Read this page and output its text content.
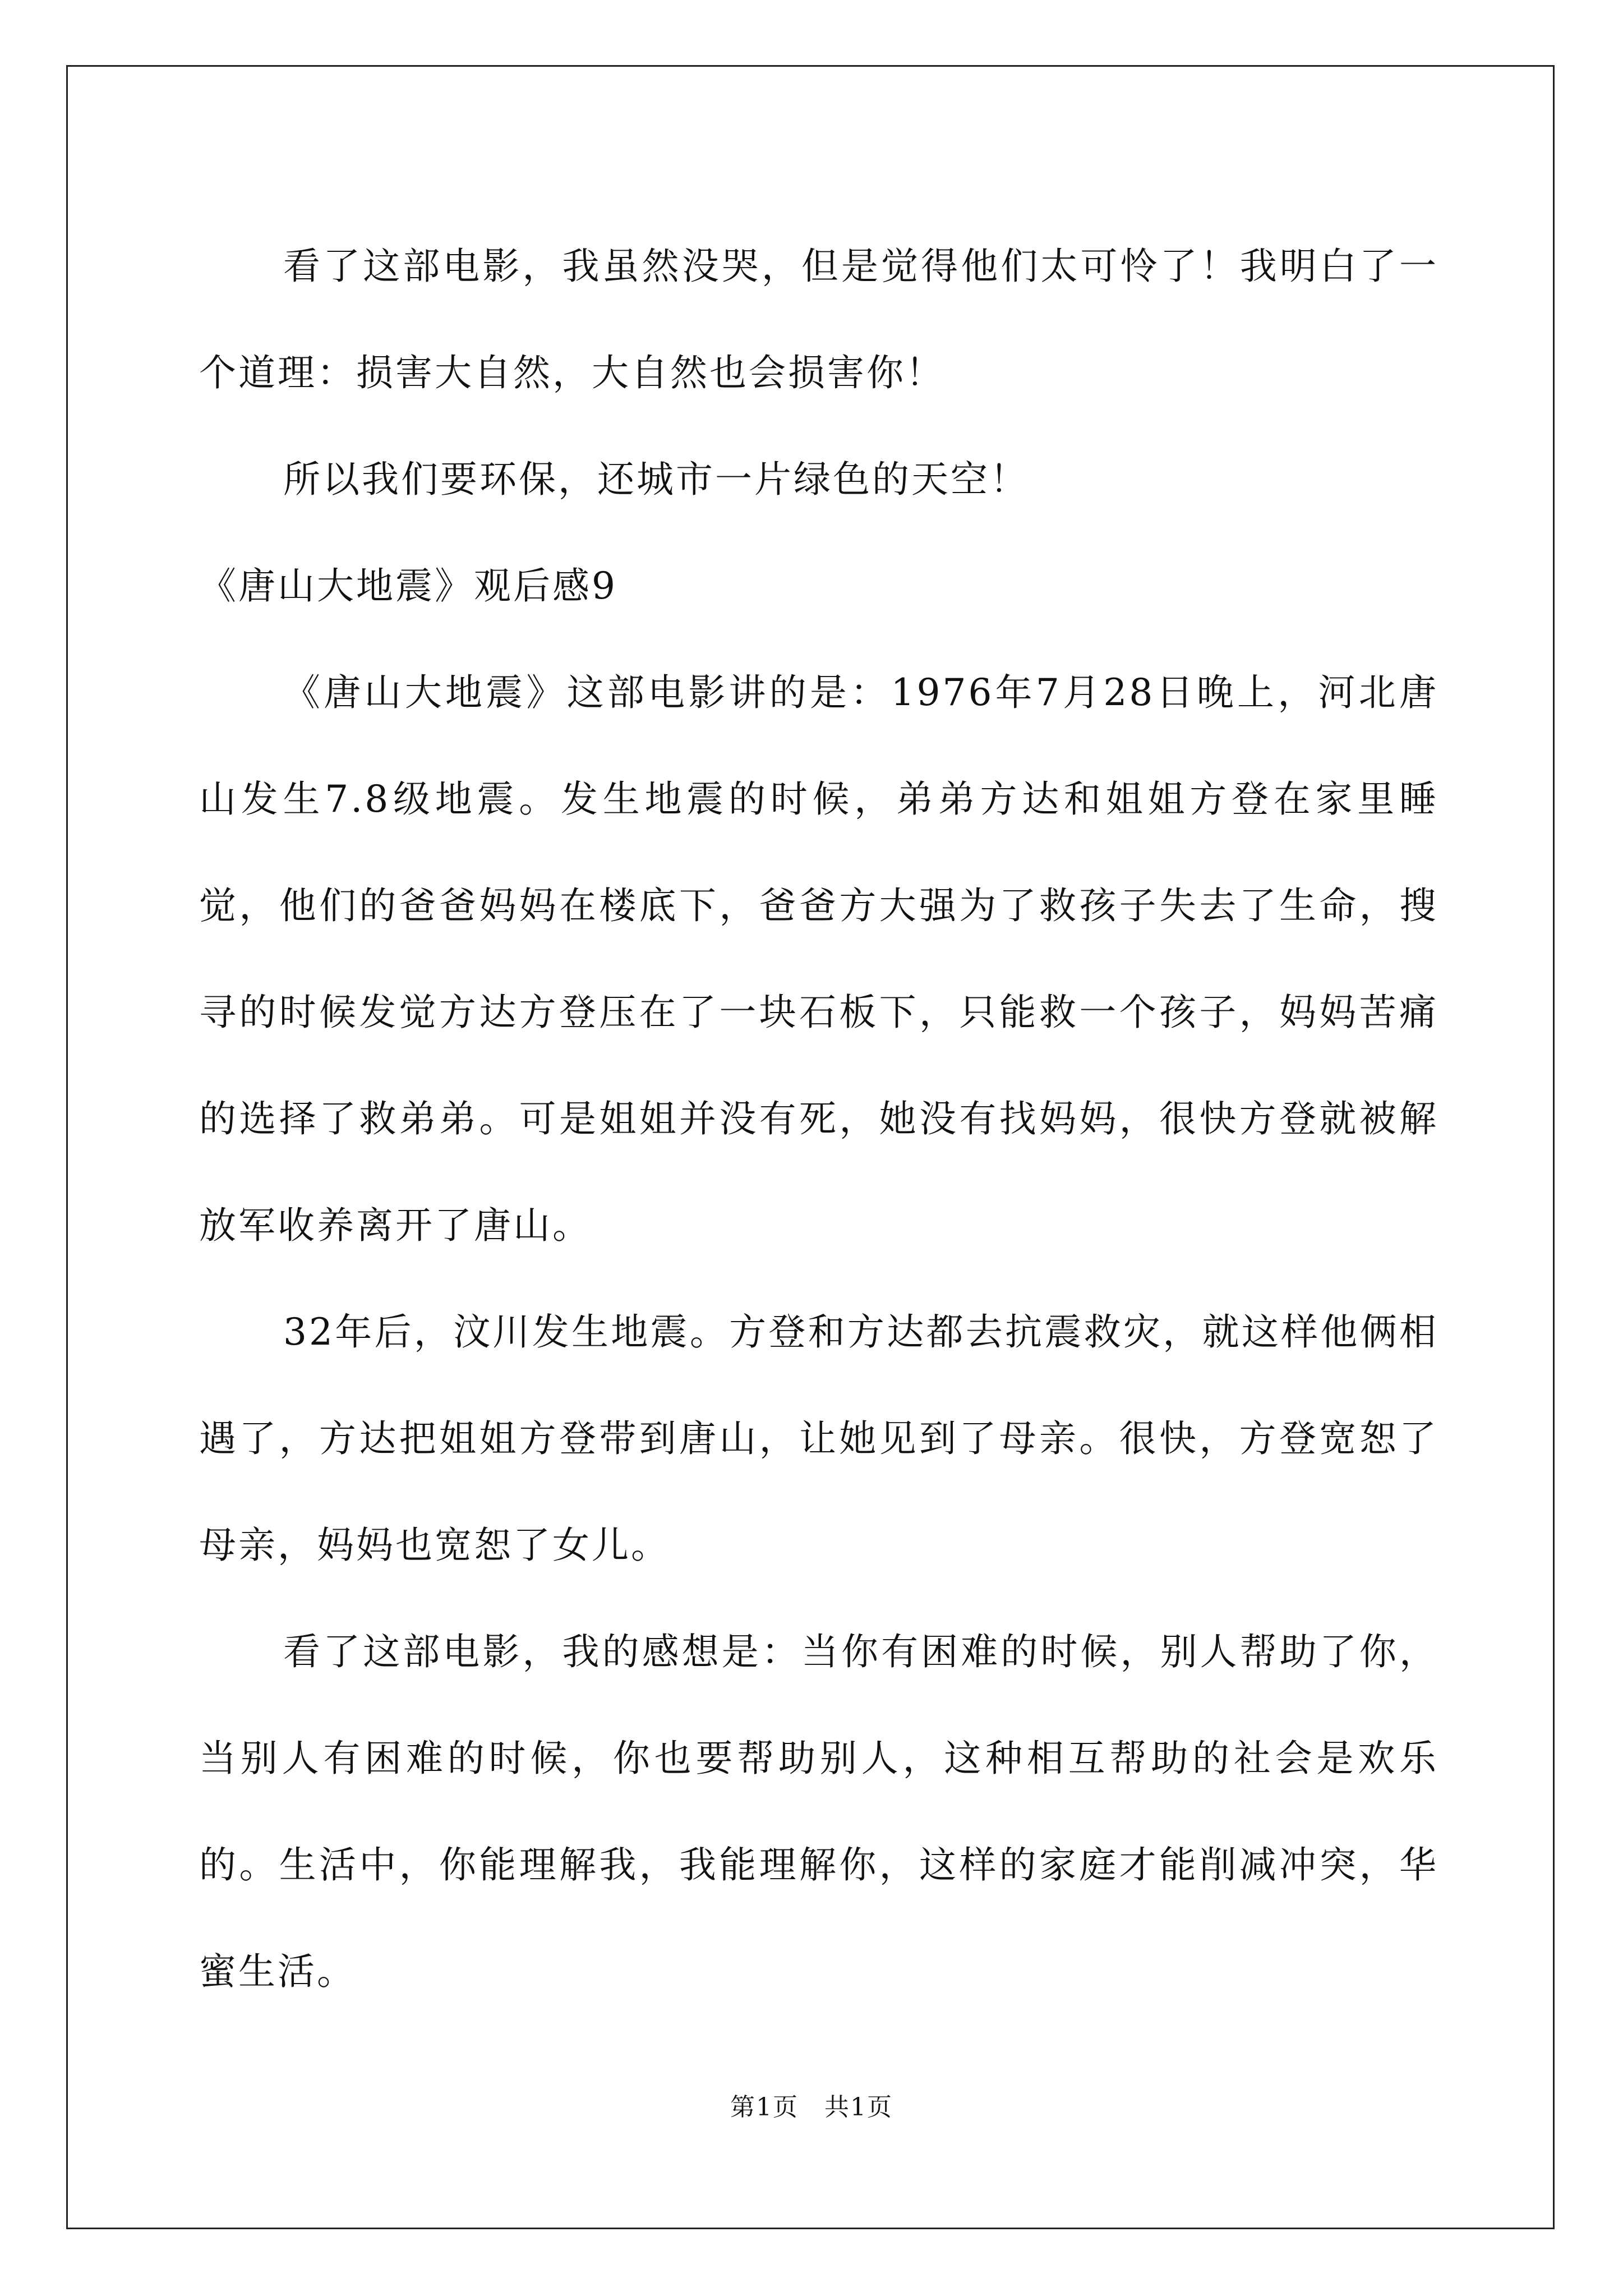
看了这部电影，我虽然没哭，但是觉得他们太可怜了！我明白了一个道理：损害大自然，大自然也会损害你！

所以我们要环保，还城市一片绿色的天空！

《唐山大地震》观后感9

《唐山大地震》这部电影讲的是：1976年7月28日晚上，河北唐山发生7.8级地震。发生地震的时候，弟弟方达和姐姐方登在家里睡觉，他们的爸爸妈妈在楼底下，爸爸方大强为了救孩子失去了生命，搜寻的时候发觉方达方登压在了一块石板下，只能救一个孩子，妈妈苦痛的选择了救弟弟。可是姐姐并没有死，她没有找妈妈，很快方登就被解放军收养离开了唐山。

32年后，汶川发生地震。方登和方达都去抗震救灾，就这样他俩相遇了，方达把姐姐方登带到唐山，让她见到了母亲。很快，方登宽恕了母亲，妈妈也宽恕了女儿。

看了这部电影，我的感想是：当你有困难的时候，别人帮助了你，当别人有困难的时候，你也要帮助别人，这种相互帮助的社会是欢乐的。生活中，你能理解我，我能理解你，这样的家庭才能削减冲突，华蜜生活。

第1页　共1页
